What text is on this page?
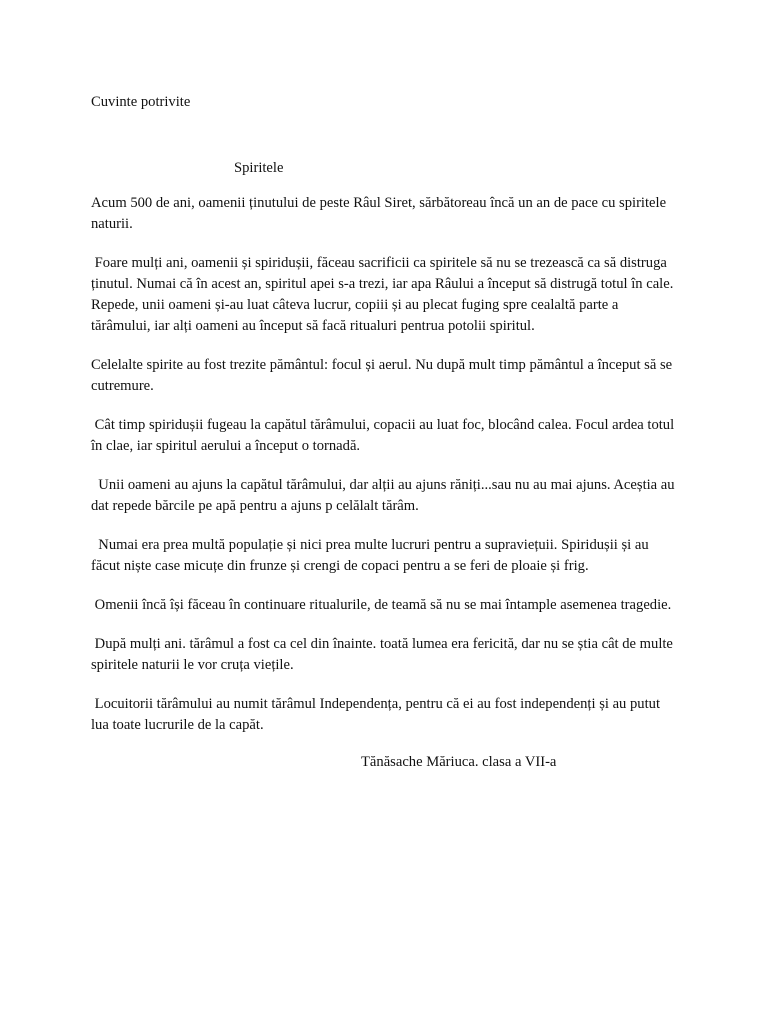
Cuvinte potrivite

Spiritele

Acum 500 de ani, oamenii ținutului de peste Râul Siret, sărbătoreau încă un an de pace cu spiritele naturii.

Foare mulți ani, oamenii și spiridușii, făceau sacrificii ca spiritele să nu se trezească ca să distruga ținutul. Numai că în acest an, spiritul apei s-a trezi, iar apa Râului a început să distrugă totul în cale. Repede, unii oameni și-au luat câteva lucrur, copiii și au plecat fuging spre cealaltă parte a tărâmului, iar alți oameni au început să facă ritualuri pentrua potolii spiritul.

Celelalte spirite au fost trezite pământul: focul și aerul. Nu după mult timp pământul a început să se cutremure.

Cât timp spiridușii fugeau la capătul tărâmului, copacii au luat foc, blocând calea. Focul ardea totul în clae, iar spiritul aerului a început o tornadă.

Unii oameni au ajuns la capătul tărâmului, dar alții au ajuns răniți...sau nu au mai ajuns. Aceștia au dat repede bărcile pe apă pentru a ajuns p celălalt tărâm.

Numai era prea multă populație și nici prea multe lucruri pentru a supraviețuii. Spiridușii și au făcut niște case micuțe din frunze și crengi de copaci pentru a se feri de ploaie și frig.

Omenii încă își făceau în continuare ritualurile, de teamă să nu se mai întample asemenea tragedie.

După mulți ani. tărâmul a fost ca cel din înainte. toată lumea era fericită, dar nu se știa cât de multe spiritele naturii le vor cruța viețile.

Locuitorii tărâmului au numit tărâmul Independența, pentru că ei au fost independenți și au putut lua toate lucrurile de la capăt.

Tănăsache Măriuca. clasa a VII-a
